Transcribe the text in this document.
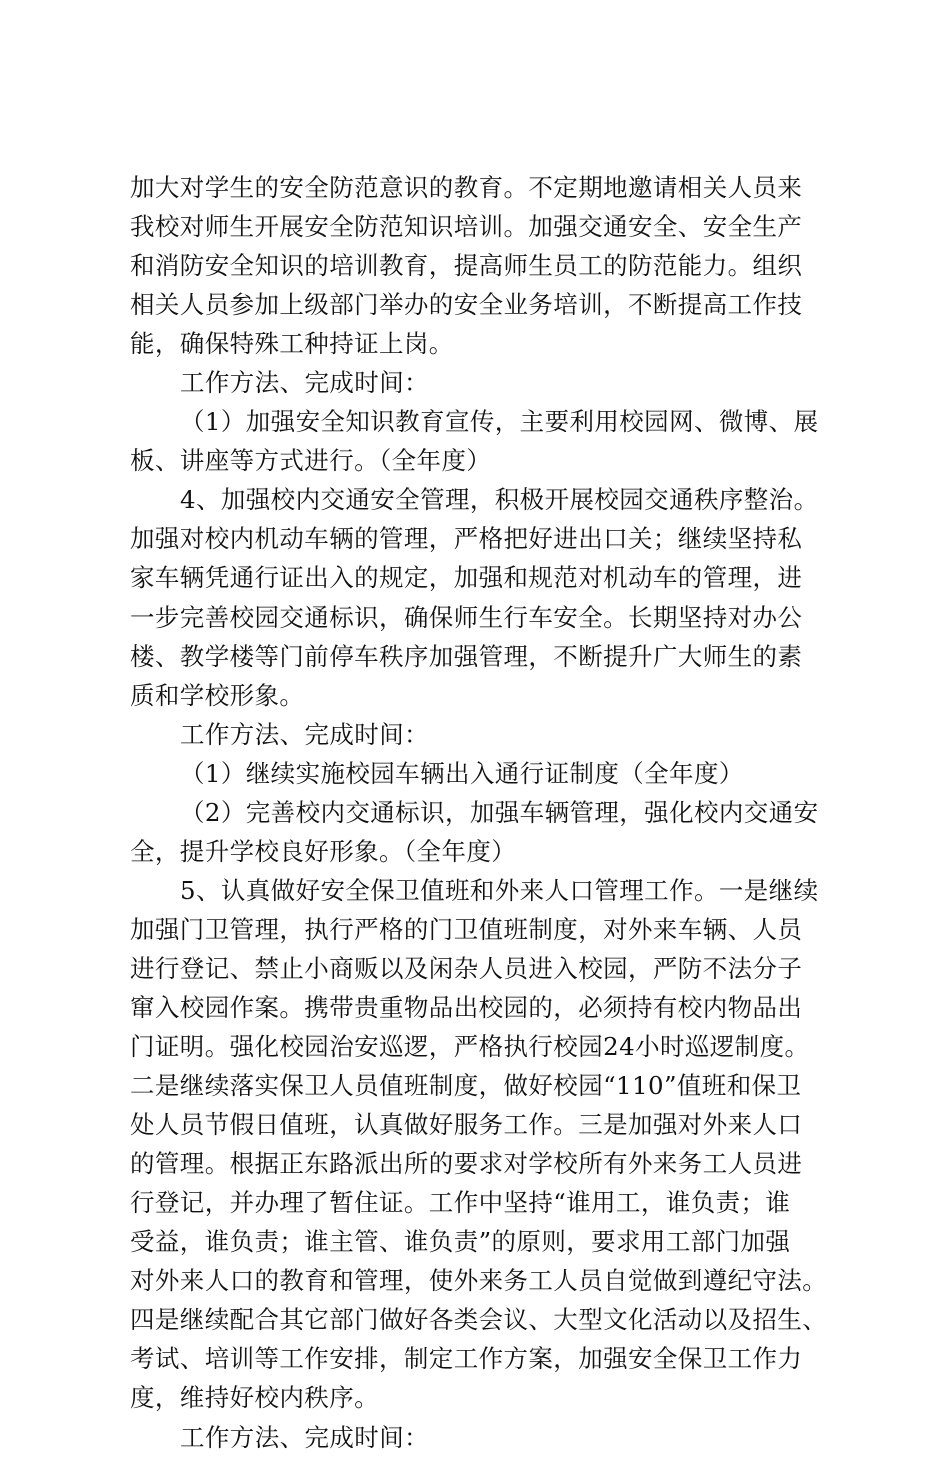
加大对学生的安全防范意识的教育。不定期地邀请相关人员来
我校对师生开展安全防范知识培训。加强交通安全、安全生产
和消防安全知识的培训教育，提高师生员工的防范能力。组织
相关人员参加上级部门举办的安全业务培训，不断提高工作技
能，确保特殊工种持证上岗。
工作方法、完成时间：
（1）加强安全知识教育宣传，主要利用校园网、微博、展
板、讲座等方式进行。（全年度）
4、加强校内交通安全管理，积极开展校园交通秩序整治。
加强对校内机动车辆的管理，严格把好进出口关；继续坚持私
家车辆凭通行证出入的规定，加强和规范对机动车的管理，进
一步完善校园交通标识，确保师生行车安全。长期坚持对办公
楼、教学楼等门前停车秩序加强管理，不断提升广大师生的素
质和学校形象。
工作方法、完成时间：
（1）继续实施校园车辆出入通行证制度（全年度）
（2）完善校内交通标识，加强车辆管理，强化校内交通安
全，提升学校良好形象。（全年度）
5、认真做好安全保卫值班和外来人口管理工作。一是继续
加强门卫管理，执行严格的门卫值班制度，对外来车辆、人员
进行登记、禁止小商贩以及闲杂人员进入校园，严防不法分子
窜入校园作案。携带贵重物品出校园的，必须持有校内物品出
门证明。强化校园治安巡逻，严格执行校园24小时巡逻制度。
二是继续落实保卫人员值班制度，做好校园“110”值班和保卫
处人员节假日值班，认真做好服务工作。三是加强对外来人口
的管理。根据正东路派出所的要求对学校所有外来务工人员进
行登记，并办理了暂住证。工作中坚持“谁用工，谁负责；谁
受益，谁负责；谁主管、谁负责”的原则，要求用工部门加强
对外来人口的教育和管理，使外来务工人员自觉做到遵纪守法。
四是继续配合其它部门做好各类会议、大型文化活动以及招生、
考试、培训等工作安排，制定工作方案，加强安全保卫工作力
度，维持好校内秩序。
工作方法、完成时间：
